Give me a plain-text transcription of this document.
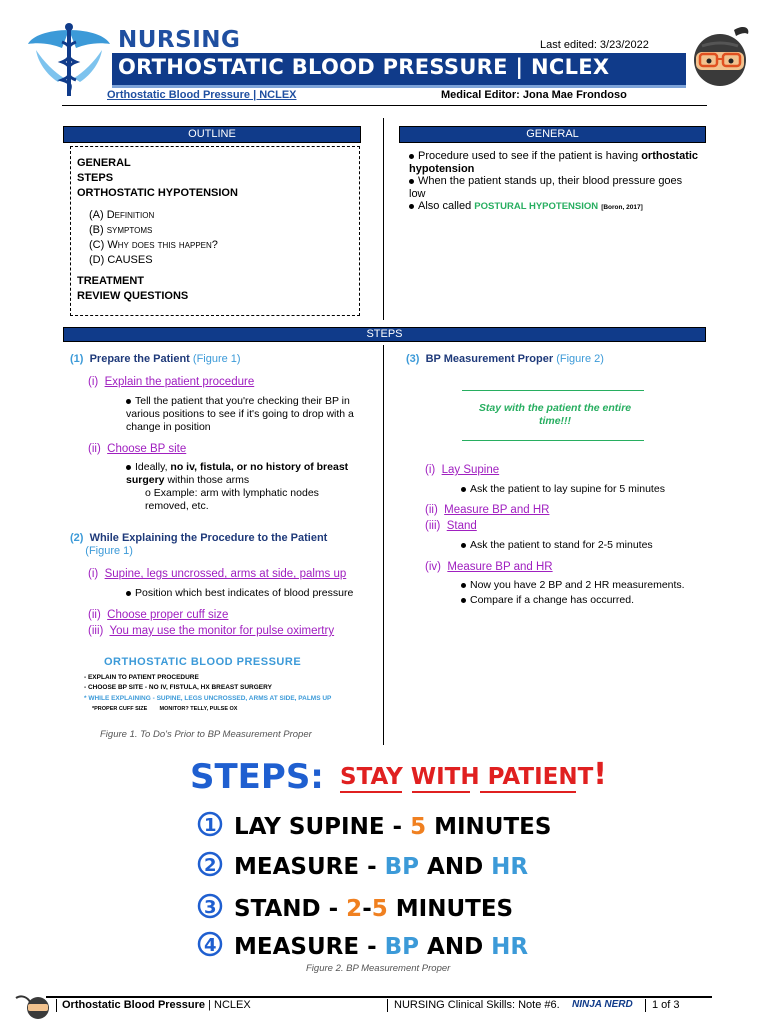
NURSING	Last edited: 3/23/2022
ORTHOSTATIC BLOOD PRESSURE | NCLEX
Orthostatic Blood Pressure | NCLEX	Medical Editor: Jona Mae Frondoso
OUTLINE
GENERAL
STEPS
ORTHOSTATIC HYPOTENSION
(A) Definition
(B) symptoms
(C) Why does this happen?
(D) CAUSES
TREATMENT
REVIEW QUESTIONS
GENERAL
Procedure used to see if the patient is having orthostatic hypotension
When the patient stands up, their blood pressure goes low
Also called POSTURAL HYPOTENSION [Boron, 2017]
STEPS
(1) Prepare the Patient (Figure 1)
(i) Explain the patient procedure
Tell the patient that you're checking their BP in various positions to see if it's going to drop with a change in position
(ii) Choose BP site
Ideally, no iv, fistula, or no history of breast surgery within those arms
o Example: arm with lymphatic nodes removed, etc.
(2) While Explaining the Procedure to the Patient
(Figure 1)
(i) Supine, legs uncrossed, arms at side, palms up
Position which best indicates of blood pressure
(ii) Choose proper cuff size
(iii) You may use the monitor for pulse oximertry
ORTHOSTATIC BLOOD PRESSURE
- EXPLAIN TO PATIENT PROCEDURE
- CHOOSE BP SITE - NO IV, FISTULA, HX BREAST SURGERY
* WHILE EXPLAINING - SUPINE, LEGS UNCROSSED, ARMS AT SIDE, PALMS UP
*PROPER CUFF SIZE        MONITOR? TELLY, PULSE OX
Figure 1. To Do's Prior to BP Measurement Proper
(3) BP Measurement Proper (Figure 2)
Stay with the patient the entire time!!!
(i) Lay Supine
Ask the patient to lay supine for 5 minutes
(ii) Measure BP and HR
(iii) Stand
Ask the patient to stand for 2-5 minutes
(iv) Measure BP and HR
Now you have 2 BP and 2 HR measurements.
Compare if a change has occurred.
STEPS: STAY WITH PATIENT!
1 LAY SUPINE - 5 MINUTES
2 MEASURE - BP AND HR
3 STAND - 2-5 MINUTES
4 MEASURE - BP AND HR
Figure 2. BP Measurement Proper
Orthostatic Blood Pressure | NCLEX	NURSING Clinical Skills: Note #6. NINJA NERD 1 of 3
